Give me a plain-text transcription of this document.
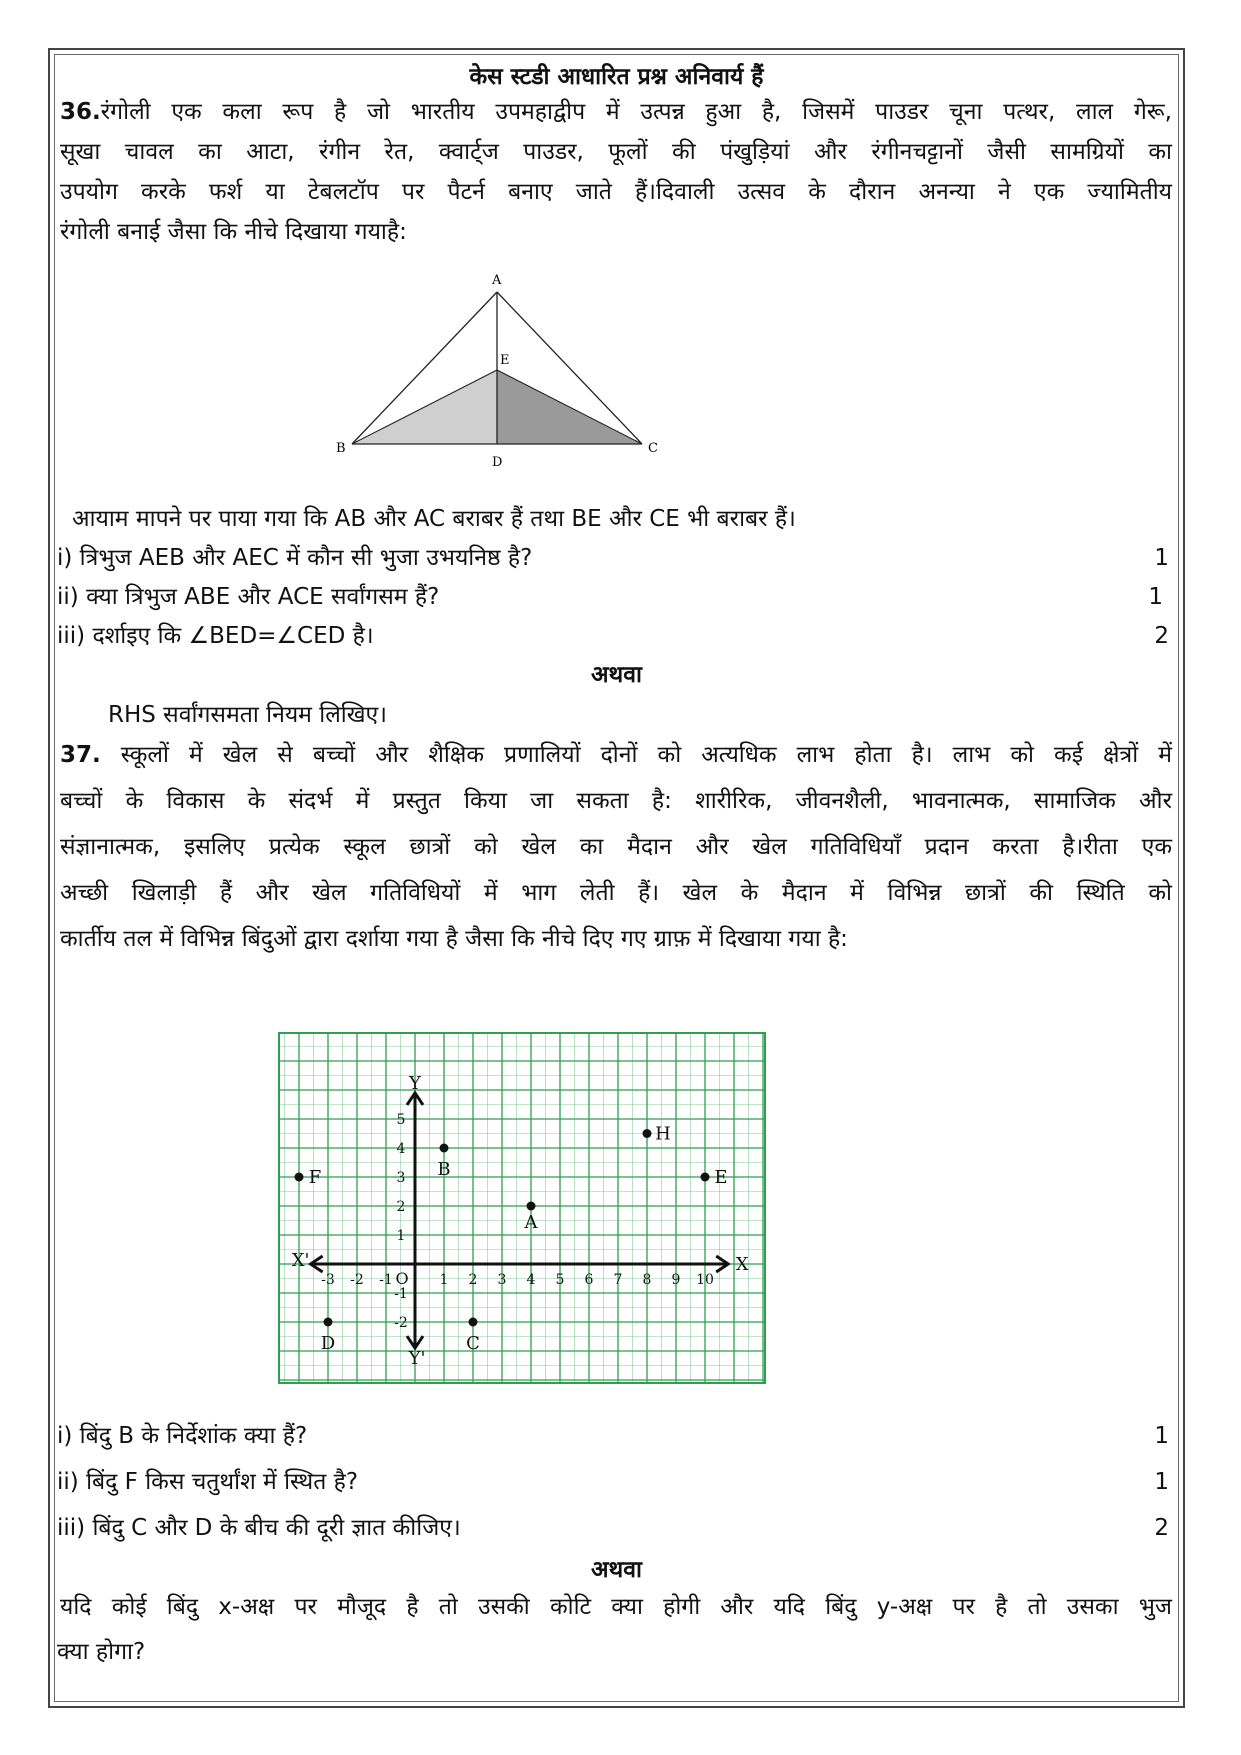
केस स्टडी आधारित प्रश्न अनिवार्य हैं
36.रंगोली एक कला रूप है जो भारतीय उपमहाद्वीप में उत्पन्न हुआ है, जिसमें पाउडर चूना पत्थर, लाल गेरू,
सूखा चावल का आटा, रंगीन रेत, क्वार्ट्ज पाउडर, फूलों की पंखुड़ियां और रंगीनचट्टानों जैसी सामग्रियों का
उपयोग करके फर्श या टेबलटॉप पर पैटर्न बनाए जाते हैं।दिवाली उत्सव के दौरान अनन्या ने एक ज्यामितीय
रंगोली बनाई जैसा कि नीचे दिखाया गयाहै:
A
B	C
D
E
आयाम मापने पर पाया गया कि AB और AC बराबर हैं तथा BE और CE भी बराबर हैं।
i) त्रिभुज AEB और AEC में कौन सी भुजा उभयनिष्ठ है?	1
ii) क्या त्रिभुज ABE और ACE सर्वांगसम हैं?	1
iii) दर्शाइए कि ∠BED=∠CED है।	2
अथवा
RHS सर्वांगसमता नियम लिखिए।
37. स्कूलों में खेल से बच्चों और शैक्षिक प्रणालियों दोनों को अत्यधिक लाभ होता है। लाभ को कई क्षेत्रों में
बच्चों के विकास के संदर्भ में प्रस्तुत किया जा सकता है: शारीरिक, जीवनशैली, भावनात्मक, सामाजिक और
संज्ञानात्मक, इसलिए प्रत्येक स्कूल छात्रों को खेल का मैदान और खेल गतिविधियाँ प्रदान करता है।रीता एक
अच्छी खिलाड़ी हैं और खेल गतिविधियों में भाग लेती हैं। खेल के मैदान में विभिन्न छात्रों की स्थिति को
कार्तीय तल में विभिन्न बिंदुओं द्वारा दर्शाया गया है जैसा कि नीचे दिए गए ग्राफ़ में दिखाया गया है:
X
X'
Y
Y'
O
-3 -2 -1	1 2 3 4 5 6 7 8 9 10
5
4
3
2
1
-1
-2
A
B
C
D
E
F
H
i) बिंदु B के निर्देशांक क्या हैं?	1
ii) बिंदु F किस चतुर्थांश में स्थित है?	1
iii) बिंदु C और D के बीच की दूरी ज्ञात कीजिए।	2
अथवा
यदि कोई बिंदु x-अक्ष पर मौजूद है तो उसकी कोटि क्या होगी और यदि बिंदु y-अक्ष पर है तो उसका भुज
क्या होगा?
